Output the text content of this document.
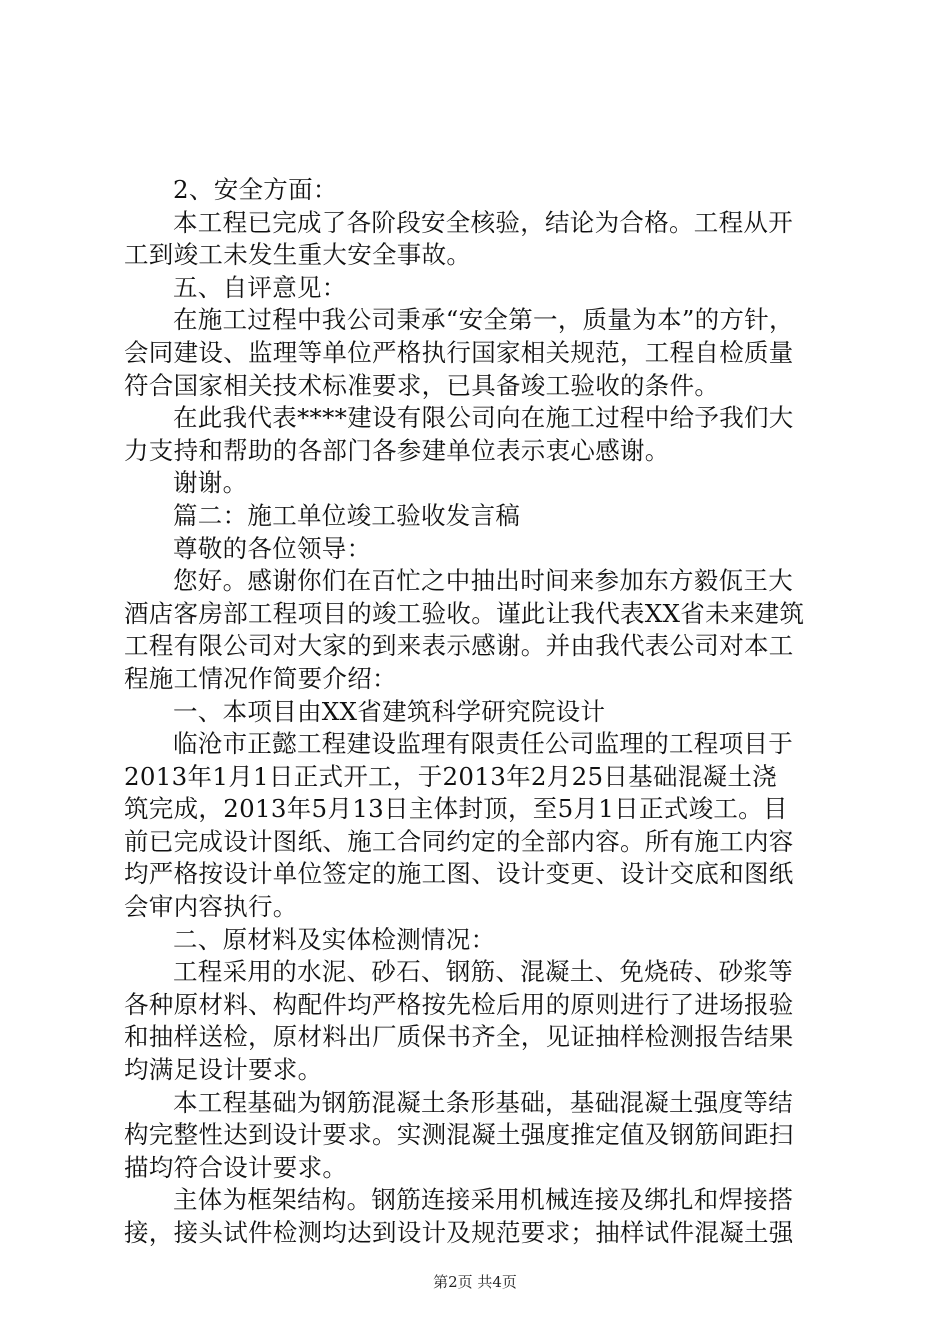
2、安全方面：
本工程已完成了各阶段安全核验，结论为合格。工程从开
工到竣工未发生重大安全事故。
五、自评意见：
在施工过程中我公司秉承“安全第一，质量为本”的方针，
会同建设、监理等单位严格执行国家相关规范，工程自检质量
符合国家相关技术标准要求，已具备竣工验收的条件。
在此我代表****建设有限公司向在施工过程中给予我们大
力支持和帮助的各部门各参建单位表示衷心感谢。
谢谢。
篇二：施工单位竣工验收发言稿
尊敬的各位领导：
您好。感谢你们在百忙之中抽出时间来参加东方毅佤王大
酒店客房部工程项目的竣工验收。谨此让我代表XX省未来建筑
工程有限公司对大家的到来表示感谢。并由我代表公司对本工
程施工情况作简要介绍：
一、本项目由XX省建筑科学研究院设计
临沧市正懿工程建设监理有限责任公司监理的工程项目于
2013年1月1日正式开工，于2013年2月25日基础混凝土浇
筑完成，2013年5月13日主体封顶，至5月1日正式竣工。目
前已完成设计图纸、施工合同约定的全部内容。所有施工内容
均严格按设计单位签定的施工图、设计变更、设计交底和图纸
会审内容执行。
二、原材料及实体检测情况：
工程采用的水泥、砂石、钢筋、混凝土、免烧砖、砂浆等
各种原材料、构配件均严格按先检后用的原则进行了进场报验
和抽样送检，原材料出厂质保书齐全，见证抽样检测报告结果
均满足设计要求。
本工程基础为钢筋混凝土条形基础，基础混凝土强度等结
构完整性达到设计要求。实测混凝土强度推定值及钢筋间距扫
描均符合设计要求。
主体为框架结构。钢筋连接采用机械连接及绑扎和焊接搭
接，接头试件检测均达到设计及规范要求；抽样试件混凝土强
第2页 共4页
